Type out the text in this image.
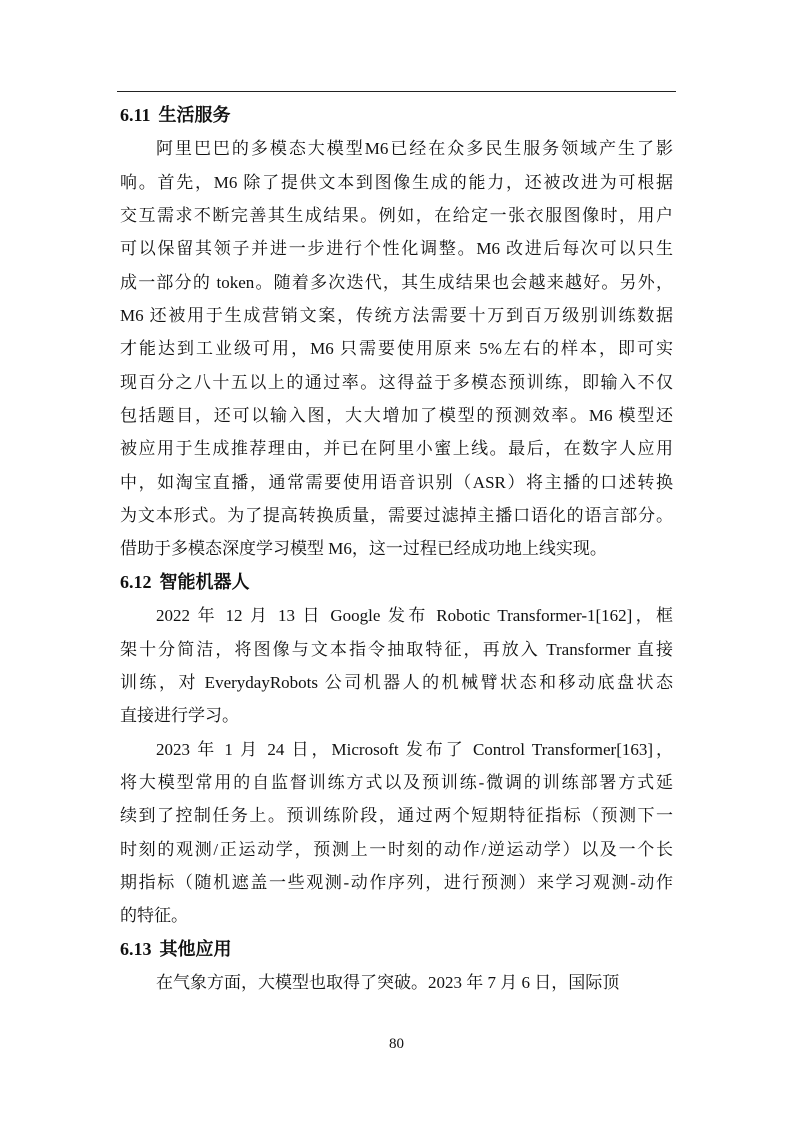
6.11 生活服务
阿里巴巴的多模态大模型M6已经在众多民生服务领域产生了影
响。首先，M6 除了提供文本到图像生成的能力，还被改进为可根据
交互需求不断完善其生成结果。例如，在给定一张衣服图像时，用户
可以保留其领子并进一步进行个性化调整。M6 改进后每次可以只生
成一部分的 token。随着多次迭代，其生成结果也会越来越好。另外，
M6 还被用于生成营销文案，传统方法需要十万到百万级别训练数据
才能达到工业级可用，M6 只需要使用原来 5%左右的样本，即可实
现百分之八十五以上的通过率。这得益于多模态预训练，即输入不仅
包括题目，还可以输入图，大大增加了模型的预测效率。M6 模型还
被应用于生成推荐理由，并已在阿里小蜜上线。最后，在数字人应用
中，如淘宝直播，通常需要使用语音识别（ASR）将主播的口述转换
为文本形式。为了提高转换质量，需要过滤掉主播口语化的语言部分。
借助于多模态深度学习模型 M6，这一过程已经成功地上线实现。
6.12 智能机器人
2022 年 12 月 13 日 Google 发布 Robotic Transformer-1[162]，框
架十分简洁，将图像与文本指令抽取特征，再放入 Transformer 直接
训练，对 EverydayRobots 公司机器人的机械臂状态和移动底盘状态
直接进行学习。
2023 年 1 月 24 日，Microsoft 发布了 Control Transformer[163]，
将大模型常用的自监督训练方式以及预训练-微调的训练部署方式延
续到了控制任务上。预训练阶段，通过两个短期特征指标（预测下一
时刻的观测/正运动学，预测上一时刻的动作/逆运动学）以及一个长
期指标（随机遮盖一些观测-动作序列，进行预测）来学习观测-动作
的特征。
6.13 其他应用
在气象方面，大模型也取得了突破。2023 年 7 月 6 日，国际顶
80
